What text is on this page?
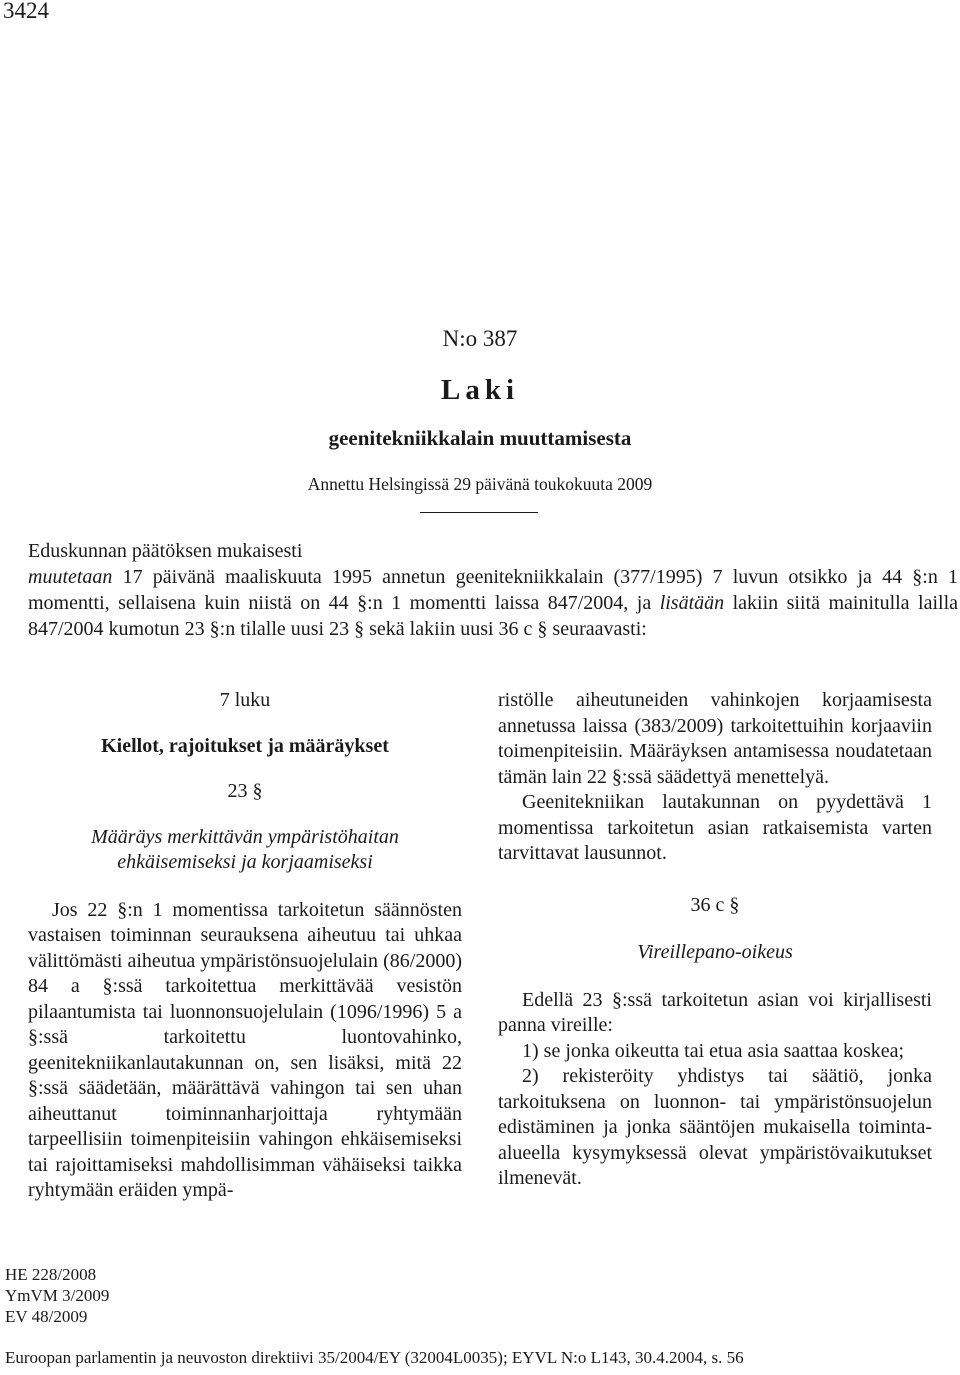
3424
N:o 387
Laki
geenitekniikkalain muuttamisesta
Annettu Helsingissä 29 päivänä toukokuuta 2009

Eduskunnan päätöksen mukaisesti

muutetaan 17 päivänä maaliskuuta 1995 annetun geenitekniikkalain (377/1995) 7 luvun otsikko ja 44 §:n 1 momentti, sellaisena kuin niistä on 44 §:n 1 momentti laissa 847/2004, ja lisätään lakiin siitä mainitulla lailla 847/2004 kumotun 23 §:n tilalle uusi 23 § sekä lakiin uusi 36 c § seuraavasti:

7 luku

Kiellot, rajoitukset ja määräykset

23 §

Määräys merkittävän ympäristöhaitan

ehkäisemiseksi ja korjaamiseksi

Jos 22 §:n 1 momentissa tarkoitetun säännösten vastaisen toiminnan seurauksena aiheutuu tai uhkaa välittömästi aiheutua ympäristönsuojelulain (86/2000) 84 a §:ssä tarkoitettua merkittävää vesistön pilaantumista tai luonnonsuojelulain (1096/1996) 5 a §:ssä tarkoitettu luontovahinko, geenitekniikanlautakunnan on, sen lisäksi, mitä 22 §:ssä säädetään, määrättävä vahingon tai sen uhan aiheuttanut toiminnanharjoittaja ryhtymään tarpeellisiin toimenpiteisiin vahingon ehkäisemiseksi tai rajoittamiseksi mahdollisimman vähäiseksi taikka ryhtymään eräiden ympä-

ristölle aiheutuneiden vahinkojen korjaamisesta annetussa laissa (383/2009) tarkoitettuihin korjaaviin toimenpiteisiin. Määräyksen antamisessa noudatetaan tämän lain 22 §:ssä säädettyä menettelyä.

Geenitekniikan lautakunnan on pyydettävä 1 momentissa tarkoitetun asian ratkaisemista varten tarvittavat lausunnot.

36 c §

Vireillepano-oikeus

Edellä 23 §:ssä tarkoitetun asian voi kirjallisesti panna vireille:

1) se jonka oikeutta tai etua asia saattaa koskea;

2) rekisteröity yhdistys tai säätiö, jonka tarkoituksena on luonnon- tai ympäristönsuojelun edistäminen ja jonka sääntöjen mukaisella toiminta-alueella kysymyksessä olevat ympäristövaikutukset ilmenevät.

HE 228/2008
YmVM 3/2009
EV 48/2009
Euroopan parlamentin ja neuvoston direktiivi 35/2004/EY (32004L0035); EYVL N:o L143, 30.4.2004, s. 56
